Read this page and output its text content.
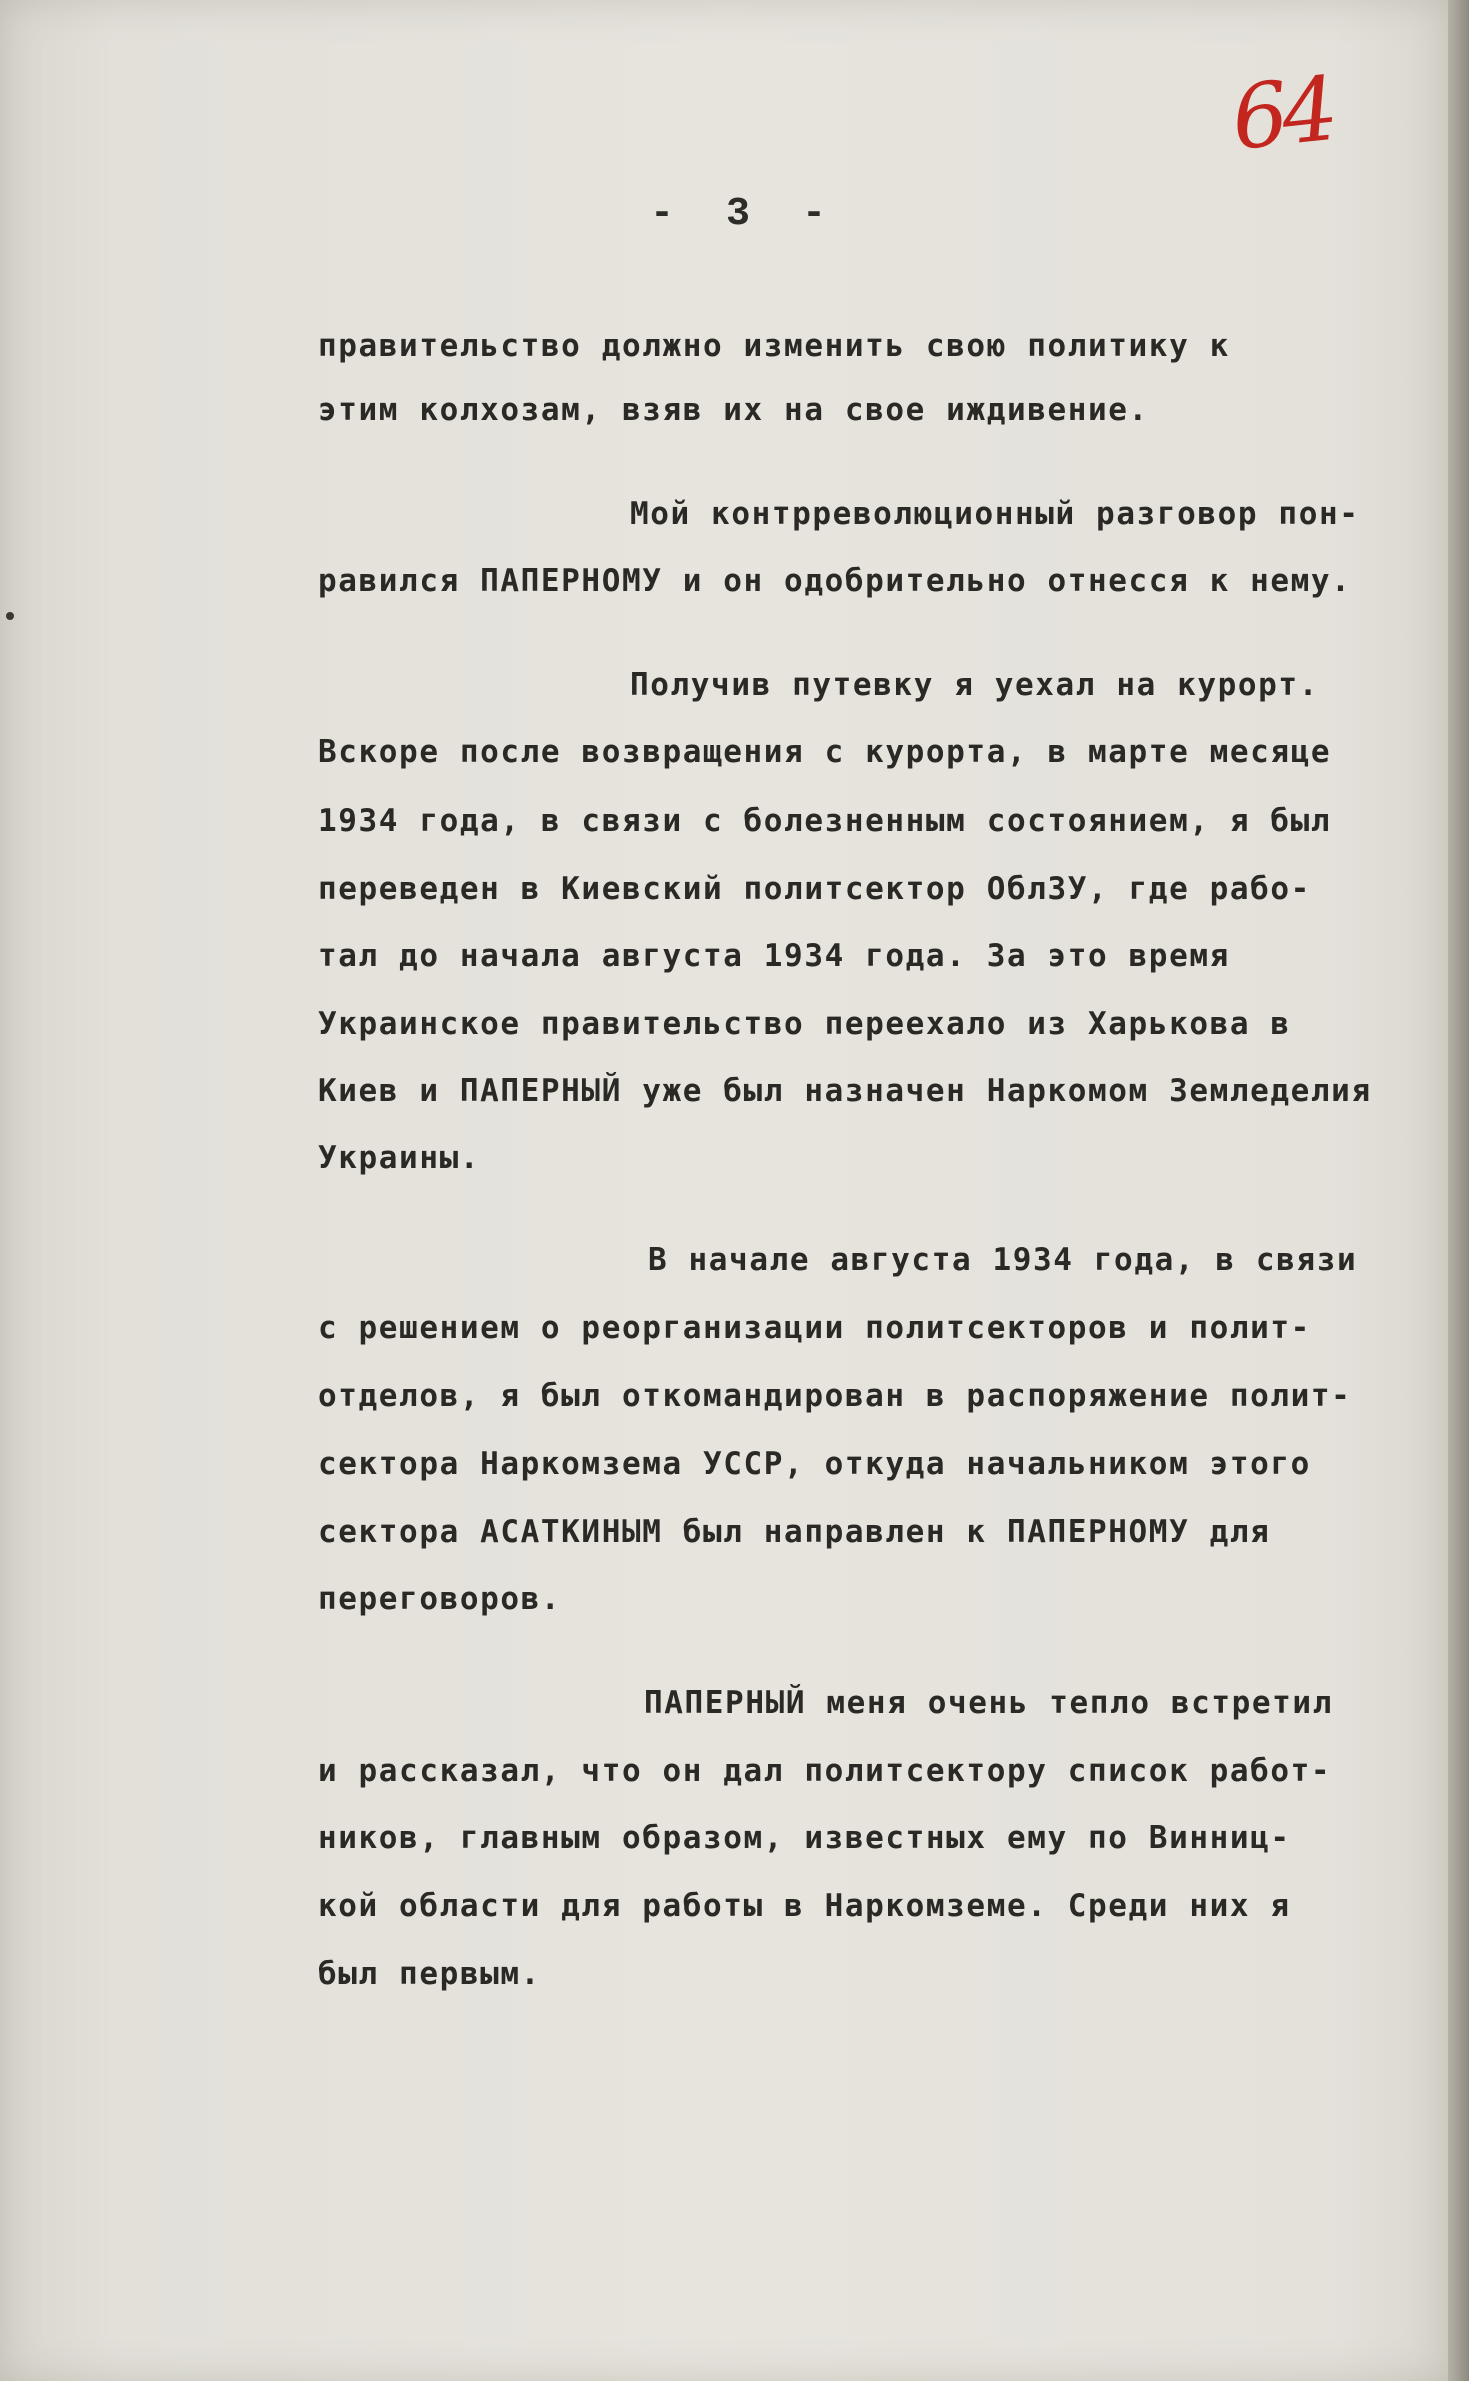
64
- 3 -
правительство должно изменить свою политику к
этим колхозам, взяв их на свое иждивение.
Мой контрреволюционный разговор пон-
равился ПАПЕРНОМУ и он одобрительно отнесся к нему.
Получив путевку я уехал на курорт.
Вскоре после возвращения с курорта, в марте месяце
1934 года, в связи с болезненным состоянием, я был
переведен в Киевский политсектор ОблЗУ, где рабо-
тал до начала августа 1934 года. За это время
Украинское правительство переехало из Харькова в
Киев и ПАПЕРНЫЙ уже был назначен Наркомом Земледелия
Украины.
В начале августа 1934 года, в связи
с решением о реорганизации политсекторов и полит-
отделов, я был откомандирован в распоряжение полит-
сектора Наркомзема УССР, откуда начальником этого
сектора АСАТКИНЫМ был направлен к ПАПЕРНОМУ для
переговоров.
ПАПЕРНЫЙ меня очень тепло встретил
и рассказал, что он дал политсектору список работ-
ников, главным образом, известных ему по Винниц-
кой области для работы в Наркомземе. Среди них я
был первым.
